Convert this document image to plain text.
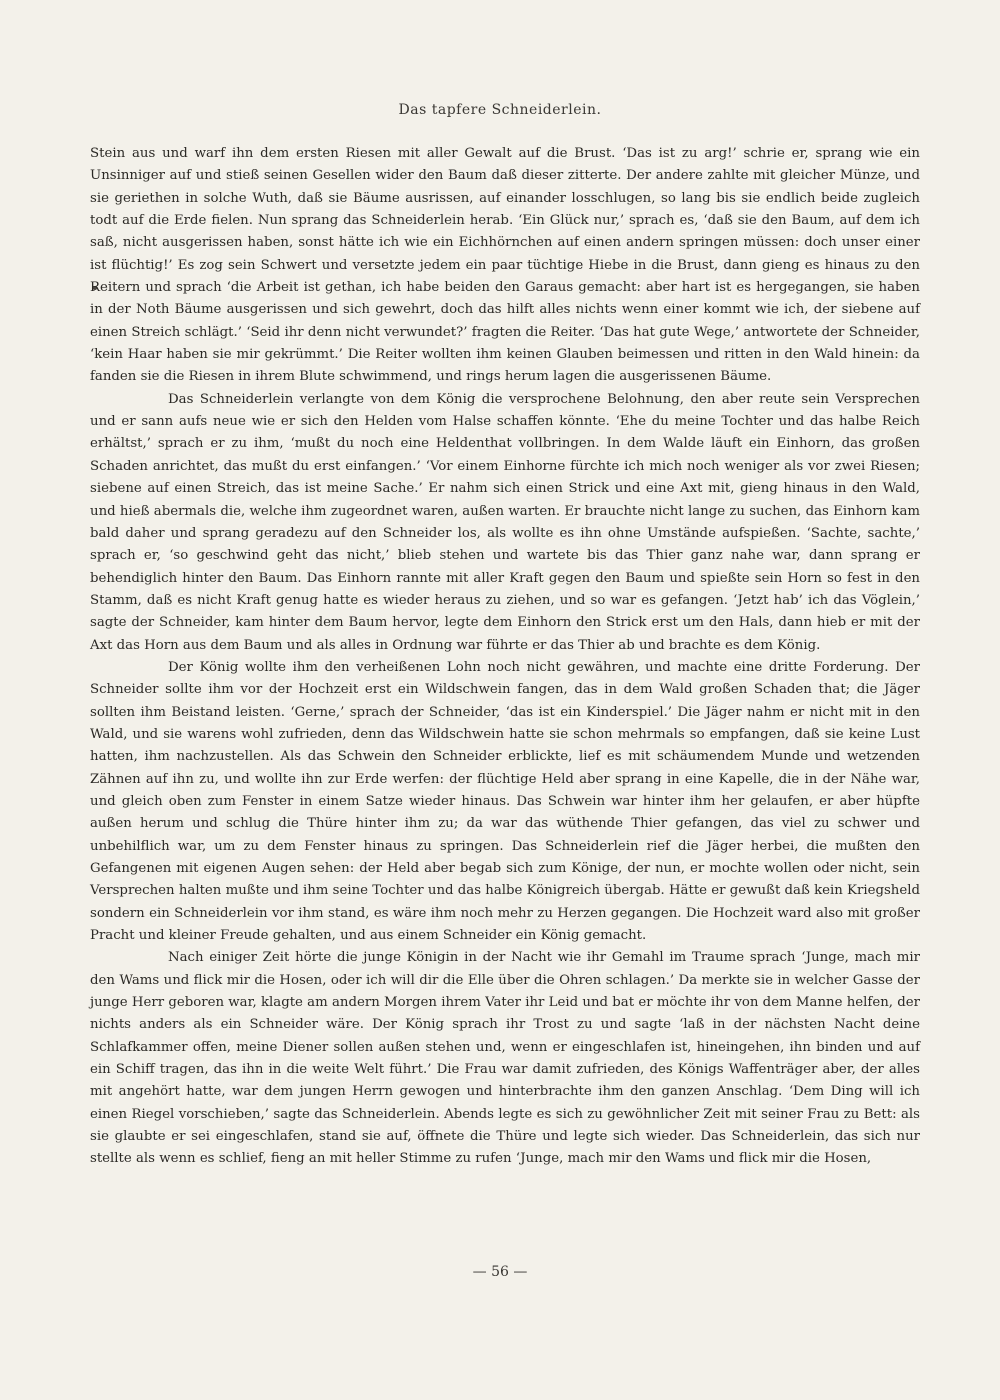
Das tapfere Schneiderlein.

Stein aus und warf ihn dem ersten Riesen mit aller Gewalt auf die Brust. ‘Das ist zu arg!’ schrie er, sprang wie ein Unsinniger auf und stieß seinen Gesellen wider den Baum daß dieser zitterte. Der andere zahlte mit gleicher Münze, und sie geriethen in solche Wuth, daß sie Bäume ausrissen, auf einander losschlugen, so lang bis sie endlich beide zugleich todt auf die Erde fielen. Nun sprang das Schneiderlein herab. ‘Ein Glück nur,’ sprach es, ‘daß sie den Baum, auf dem ich saß, nicht ausgerissen haben, sonst hätte ich wie ein Eichhörnchen auf einen andern springen müssen: doch unser einer ist flüchtig!’ Es zog sein Schwert und versetzte jedem ein paar tüchtige Hiebe in die Brust, dann gieng es hinaus zu den Reitern und sprach ‘die Arbeit ist gethan, ich habe beiden den Garaus gemacht: aber hart ist es hergegangen, sie haben in der Noth Bäume ausgerissen und sich gewehrt, doch das hilft alles nichts wenn einer kommt wie ich, der siebene auf einen Streich schlägt.’ ‘Seid ihr denn nicht verwundet?’ fragten die Reiter. ‘Das hat gute Wege,’ antwortete der Schneider, ‘kein Haar haben sie mir gekrümmt.’ Die Reiter wollten ihm keinen Glauben beimessen und ritten in den Wald hinein: da fanden sie die Riesen in ihrem Blute schwimmend, und rings herum lagen die ausgerissenen Bäume.

Das Schneiderlein verlangte von dem König die versprochene Belohnung, den aber reute sein Versprechen und er sann aufs neue wie er sich den Helden vom Halse schaffen könnte. ‘Ehe du meine Tochter und das halbe Reich erhältst,’ sprach er zu ihm, ‘mußt du noch eine Heldenthat vollbringen. In dem Walde läuft ein Einhorn, das großen Schaden anrichtet, das mußt du erst einfangen.’ ‘Vor einem Einhorne fürchte ich mich noch weniger als vor zwei Riesen; siebene auf einen Streich, das ist meine Sache.’ Er nahm sich einen Strick und eine Axt mit, gieng hinaus in den Wald, und hieß abermals die, welche ihm zugeordnet waren, außen warten. Er brauchte nicht lange zu suchen, das Einhorn kam bald daher und sprang geradezu auf den Schneider los, als wollte es ihn ohne Umstände aufspießen. ‘Sachte, sachte,’ sprach er, ‘so geschwind geht das nicht,’ blieb stehen und wartete bis das Thier ganz nahe war, dann sprang er behendiglich hinter den Baum. Das Einhorn rannte mit aller Kraft gegen den Baum und spießte sein Horn so fest in den Stamm, daß es nicht Kraft genug hatte es wieder heraus zu ziehen, und so war es gefangen. ‘Jetzt hab’ ich das Vöglein,’ sagte der Schneider, kam hinter dem Baum hervor, legte dem Einhorn den Strick erst um den Hals, dann hieb er mit der Axt das Horn aus dem Baum und als alles in Ordnung war führte er das Thier ab und brachte es dem König.

Der König wollte ihm den verheißenen Lohn noch nicht gewähren, und machte eine dritte Forderung. Der Schneider sollte ihm vor der Hochzeit erst ein Wildschwein fangen, das in dem Wald großen Schaden that; die Jäger sollten ihm Beistand leisten. ‘Gerne,’ sprach der Schneider, ‘das ist ein Kinderspiel.’ Die Jäger nahm er nicht mit in den Wald, und sie warens wohl zufrieden, denn das Wildschwein hatte sie schon mehrmals so empfangen, daß sie keine Lust hatten, ihm nachzustellen. Als das Schwein den Schneider erblickte, lief es mit schäumendem Munde und wetzenden Zähnen auf ihn zu, und wollte ihn zur Erde werfen: der flüchtige Held aber sprang in eine Kapelle, die in der Nähe war, und gleich oben zum Fenster in einem Satze wieder hinaus. Das Schwein war hinter ihm her gelaufen, er aber hüpfte außen herum und schlug die Thüre hinter ihm zu; da war das wüthende Thier gefangen, das viel zu schwer und unbehilflich war, um zu dem Fenster hinaus zu springen. Das Schneiderlein rief die Jäger herbei, die mußten den Gefangenen mit eigenen Augen sehen: der Held aber begab sich zum Könige, der nun, er mochte wollen oder nicht, sein Versprechen halten mußte und ihm seine Tochter und das halbe Königreich übergab. Hätte er gewußt daß kein Kriegsheld sondern ein Schneiderlein vor ihm stand, es wäre ihm noch mehr zu Herzen gegangen. Die Hochzeit ward also mit großer Pracht und kleiner Freude gehalten, und aus einem Schneider ein König gemacht.

Nach einiger Zeit hörte die junge Königin in der Nacht wie ihr Gemahl im Traume sprach ‘Junge, mach mir den Wams und flick mir die Hosen, oder ich will dir die Elle über die Ohren schlagen.’ Da merkte sie in welcher Gasse der junge Herr geboren war, klagte am andern Morgen ihrem Vater ihr Leid und bat er möchte ihr von dem Manne helfen, der nichts anders als ein Schneider wäre. Der König sprach ihr Trost zu und sagte ‘laß in der nächsten Nacht deine Schlafkammer offen, meine Diener sollen außen stehen und, wenn er eingeschlafen ist, hineingehen, ihn binden und auf ein Schiff tragen, das ihn in die weite Welt führt.’ Die Frau war damit zufrieden, des Königs Waffenträger aber, der alles mit angehört hatte, war dem jungen Herrn gewogen und hinterbrachte ihm den ganzen Anschlag. ‘Dem Ding will ich einen Riegel vorschieben,’ sagte das Schneiderlein. Abends legte es sich zu gewöhnlicher Zeit mit seiner Frau zu Bett: als sie glaubte er sei eingeschlafen, stand sie auf, öffnete die Thüre und legte sich wieder. Das Schneiderlein, das sich nur stellte als wenn es schlief, fieng an mit heller Stimme zu rufen ‘Junge, mach mir den Wams und flick mir die Hosen,

— 56 —
